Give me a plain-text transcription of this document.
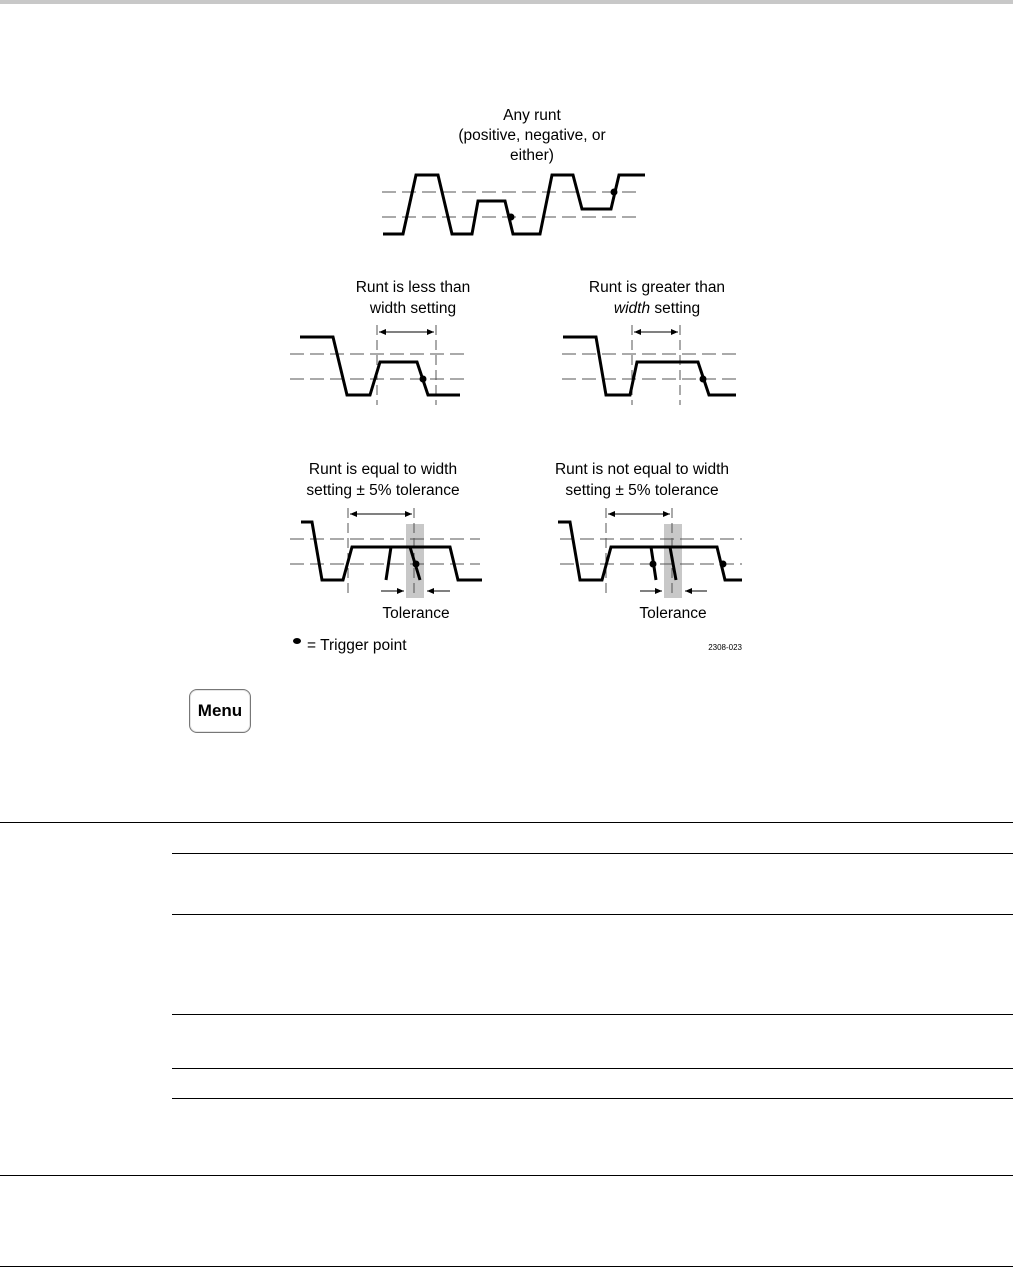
Any runt
(positive, negative, or
either)
Runt is less than
width setting
Runt is greater than
width setting
Runt is equal to width
setting ± 5% tolerance
Tolerance
Runt is not equal to width
setting ± 5% tolerance
Tolerance
= Trigger point	2308-023
Menu
